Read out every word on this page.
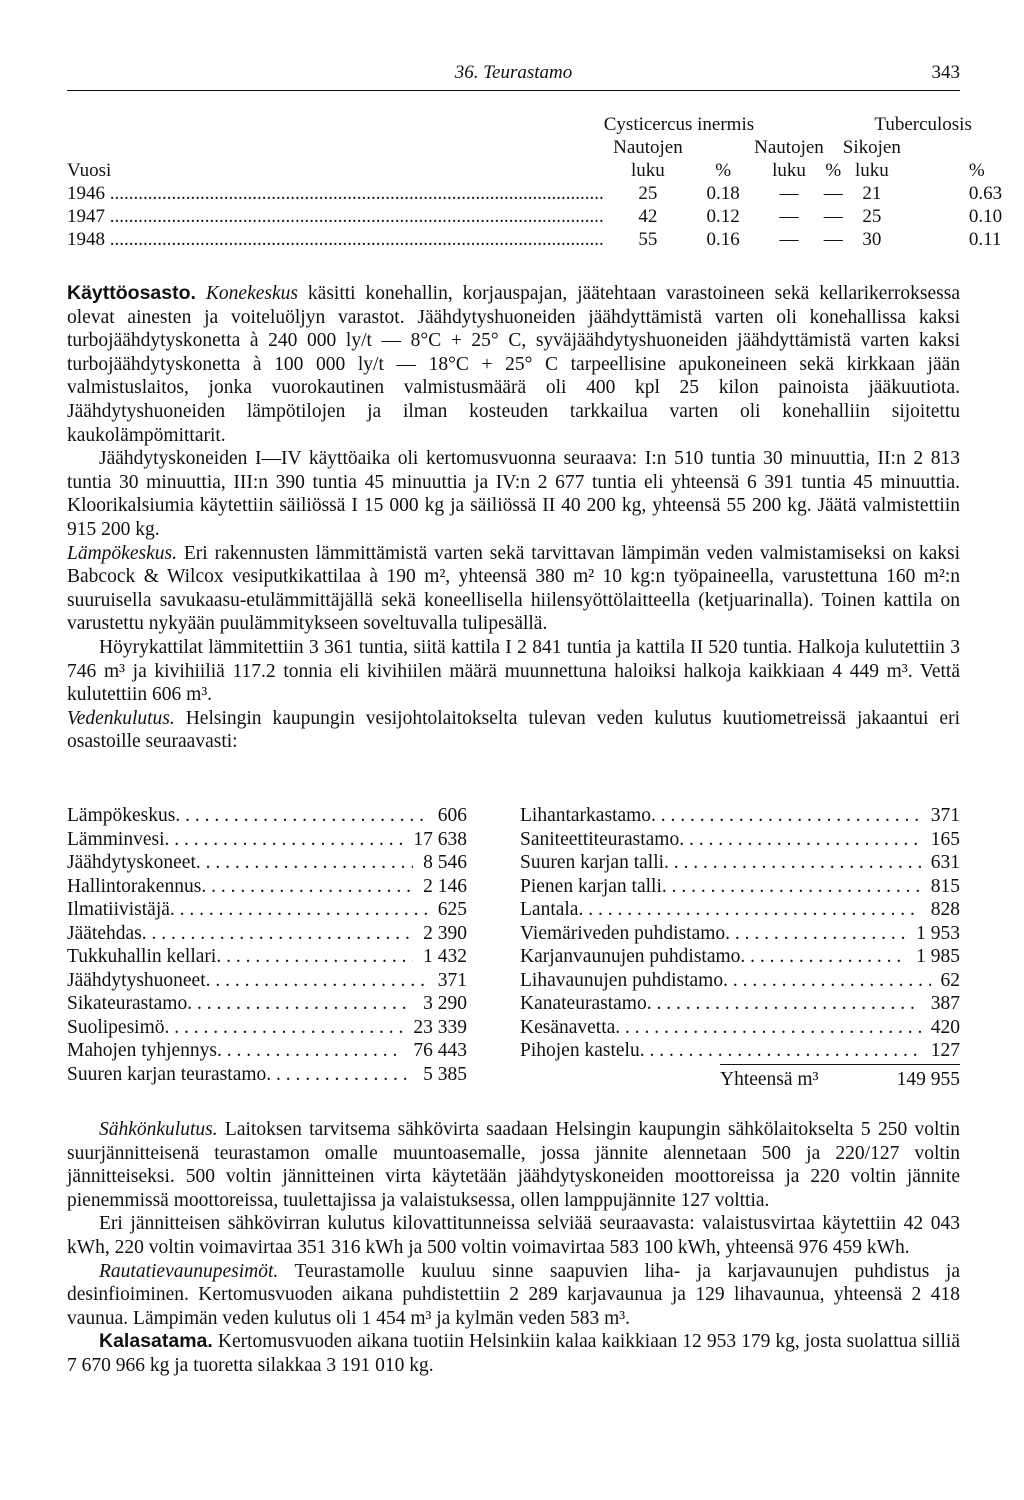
36. Teurastamo	343
	Cysticercus inermis		Tuberculosis			
	Nautojen		Nautojen		Sikojen	
Vuosi	luku	%	luku	%	luku	%
1946 .....	25	0.18	—	—	21	0.63
1947 .....	42	0.12	—	—	25	0.10
1948 .....	55	0.16	—	—	30	0.11

Käyttöosasto. Konekeskus käsitti konehallin, korjauspajan, jäätehtaan varastoineen sekä kellarikerroksessa olevat ainesten ja voiteluöljyn varastot. Jäähdytyshuoneiden jäähdyttämistä varten oli konehallissa kaksi turbojäähdytyskonetta à 240 000 ly/t — 8°C + 25° C, syväjäähdytyshuoneiden jäähdyttämistä varten kaksi turbojäähdytyskonetta à 100 000 ly/t — 18°C + 25° C tarpeellisine apukoneineen sekä kirkkaan jään valmistuslaitos, jonka vuorokautinen valmistusmäärä oli 400 kpl 25 kilon painoista jääkuutiota. Jäähdytyshuoneiden lämpötilojen ja ilman kosteuden tarkkailua varten oli konehalliin sijoitettu kaukolämpömittarit.

Jäähdytyskoneiden I—IV käyttöaika oli kertomusvuonna seuraava: I:n 510 tuntia 30 minuuttia, II:n 2 813 tuntia 30 minuuttia, III:n 390 tuntia 45 minuuttia ja IV:n 2 677 tuntia eli yhteensä 6 391 tuntia 45 minuuttia. Kloorikalsiumia käytettiin säiliössä I 15 000 kg ja säiliössä II 40 200 kg, yhteensä 55 200 kg. Jäätä valmistettiin 915 200 kg.

Lämpökeskus. Eri rakennusten lämmittämistä varten sekä tarvittavan lämpimän veden valmistamiseksi on kaksi Babcock & Wilcox vesiputkikattilaa à 190 m², yhteensä 380 m² 10 kg:n työpaineella, varustettuna 160 m²:n suuruisella savukaasu-etulämmittäjällä sekä koneellisella hiilensyöttölaitteella (ketjuarinalla). Toinen kattila on varustettu nykyään puulämmitykseen soveltuvalla tulipesällä.

Höyrykattilat lämmitettiin 3 361 tuntia, siitä kattila I 2 841 tuntia ja kattila II 520 tuntia. Halkoja kulutettiin 3 746 m³ ja kivihiiliä 117.2 tonnia eli kivihiilen määrä muunnettuna haloiksi halkoja kaikkiaan 4 449 m³. Vettä kulutettiin 606 m³.

Vedenkulutus. Helsingin kaupungin vesijohtolaitokselta tulevan veden kulutus kuutiometreissä jakaantui eri osastoille seuraavasti:

Lämpökeskus . . .	606
Lämminvesi . . .	17 638
Jäähdytyskoneet . . .	8 546
Hallintorakennus . . .	2 146
Ilmatiivistäjä . . .	625
Jäätehdas . . .	2 390
Tukkuhallin kellari . . .	1 432
Jäähdytyshuoneet . . .	371
Sikateurastamo . . .	3 290
Suolipesimö . . .	23 339
Mahojen tyhjennys . . .	76 443
Suuren karjan teurastamo . . .	5 385
Lihantarkastamo . . .	371
Saniteettiteurastamo . . .	165
Suuren karjan talli . . .	631
Pienen karjan talli . . .	815
Lantala . . .	828
Viemäriveden puhdistamo . . .	1 953
Karjanvaunujen puhdistamo . . .	1 985
Lihavaunujen puhdistamo . . .	62
Kanateurastamo . . .	387
Kesänavetta . . .	420
Pihojen kastelu . . .	127
Yhteensä m³	149 955

Sähkönkulutus. Laitoksen tarvitsema sähkövirta saadaan Helsingin kaupungin sähkölaitokselta 5 250 voltin suurjännitteisenä teurastamon omalle muuntoasemalle, jossa jännite alennetaan 500 ja 220/127 voltin jännitteiseksi. 500 voltin jännitteinen virta käytetään jäähdytyskoneiden moottoreissa ja 220 voltin jännite pienemmissä moottoreissa, tuulettajissa ja valaistuksessa, ollen lamppujännite 127 volttia.

Eri jännitteisen sähkövirran kulutus kilovattitunneissa selviää seuraavasta: valaistusvirtaa käytettiin 42 043 kWh, 220 voltin voimavirtaa 351 316 kWh ja 500 voltin voimavirtaa 583 100 kWh, yhteensä 976 459 kWh.

Rautatievaunupesimöt. Teurastamolle kuuluu sinne saapuvien liha- ja karjavaunujen puhdistus ja desinfioiminen. Kertomusvuoden aikana puhdistettiin 2 289 karjavaunua ja 129 lihavaunua, yhteensä 2 418 vaunua. Lämpimän veden kulutus oli 1 454 m³ ja kylmän veden 583 m³.

Kalasatama. Kertomusvuoden aikana tuotiin Helsinkiin kalaa kaikkiaan 12 953 179 kg, josta suolattua silliä 7 670 966 kg ja tuoretta silakkaa 3 191 010 kg.
